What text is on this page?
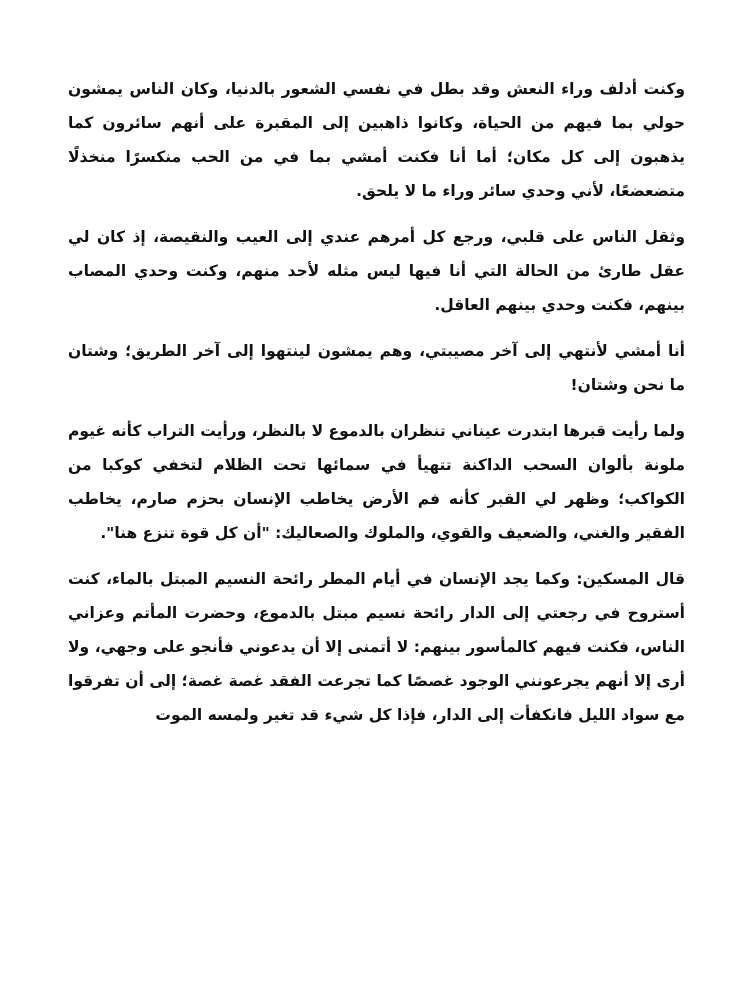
وكنت أدلف وراء النعش وقد بطل في نفسي الشعور بالدنيا، وكان الناس يمشون حولي بما فيهم من الحياة، وكانوا ذاهبين إلى المقبرة على أنهم سائرون كما يذهبون إلى كل مكان؛ أما أنا فكنت أمشي بما في من الحب منكسرًا منخذلًا متضعضعًا، لأني وحدي سائر وراء ما لا يلحق.

وثقل الناس على قلبي، ورجع كل أمرهم عندي إلى العيب والنقيصة، إذ كان لي عقل طارئ من الحالة التي أنا فيها ليس مثله لأحد منهم، وكنت وحدي المصاب بينهم، فكنت وحدي بينهم العاقل.

أنا أمشي لأنتهي إلى آخر مصيبتي، وهم يمشون لينتهوا إلى آخر الطريق؛ وشتان ما نحن وشتان!

ولما رأيت قبرها ابتدرت عيناني تنظران بالدموع لا بالنظر، ورأيت التراب كأنه غيوم ملونة بألوان السحب الداكنة تتهيأ في سمائها تحت الظلام لتخفي كوكبا من الكواكب؛ وظهر لي القبر كأنه فم الأرض يخاطب الإنسان بحزم صارم، يخاطب الفقير والغني، والضعيف والقوي، والملوك والصعاليك: "أن كل قوة تنزع هنا".

قال المسكين: وكما يجد الإنسان في أيام المطر رائحة النسيم المبتل بالماء، كنت أستروح في رجعتي إلى الدار رائحة نسيم مبتل بالدموع، وحضرت المأتم وعزاني الناس، فكنت فيهم كالمأسور بينهم: لا أتمنى إلا أن يدعوني فأنجو على وجهي، ولا أرى إلا أنهم يجرعونني الوجود غصصًا كما تجرعت الفقد غصة غصة؛ إلى أن تفرقوا مع سواد الليل فانكفأت إلى الدار، فإذا كل شيء قد تغير ولمسه الموت
